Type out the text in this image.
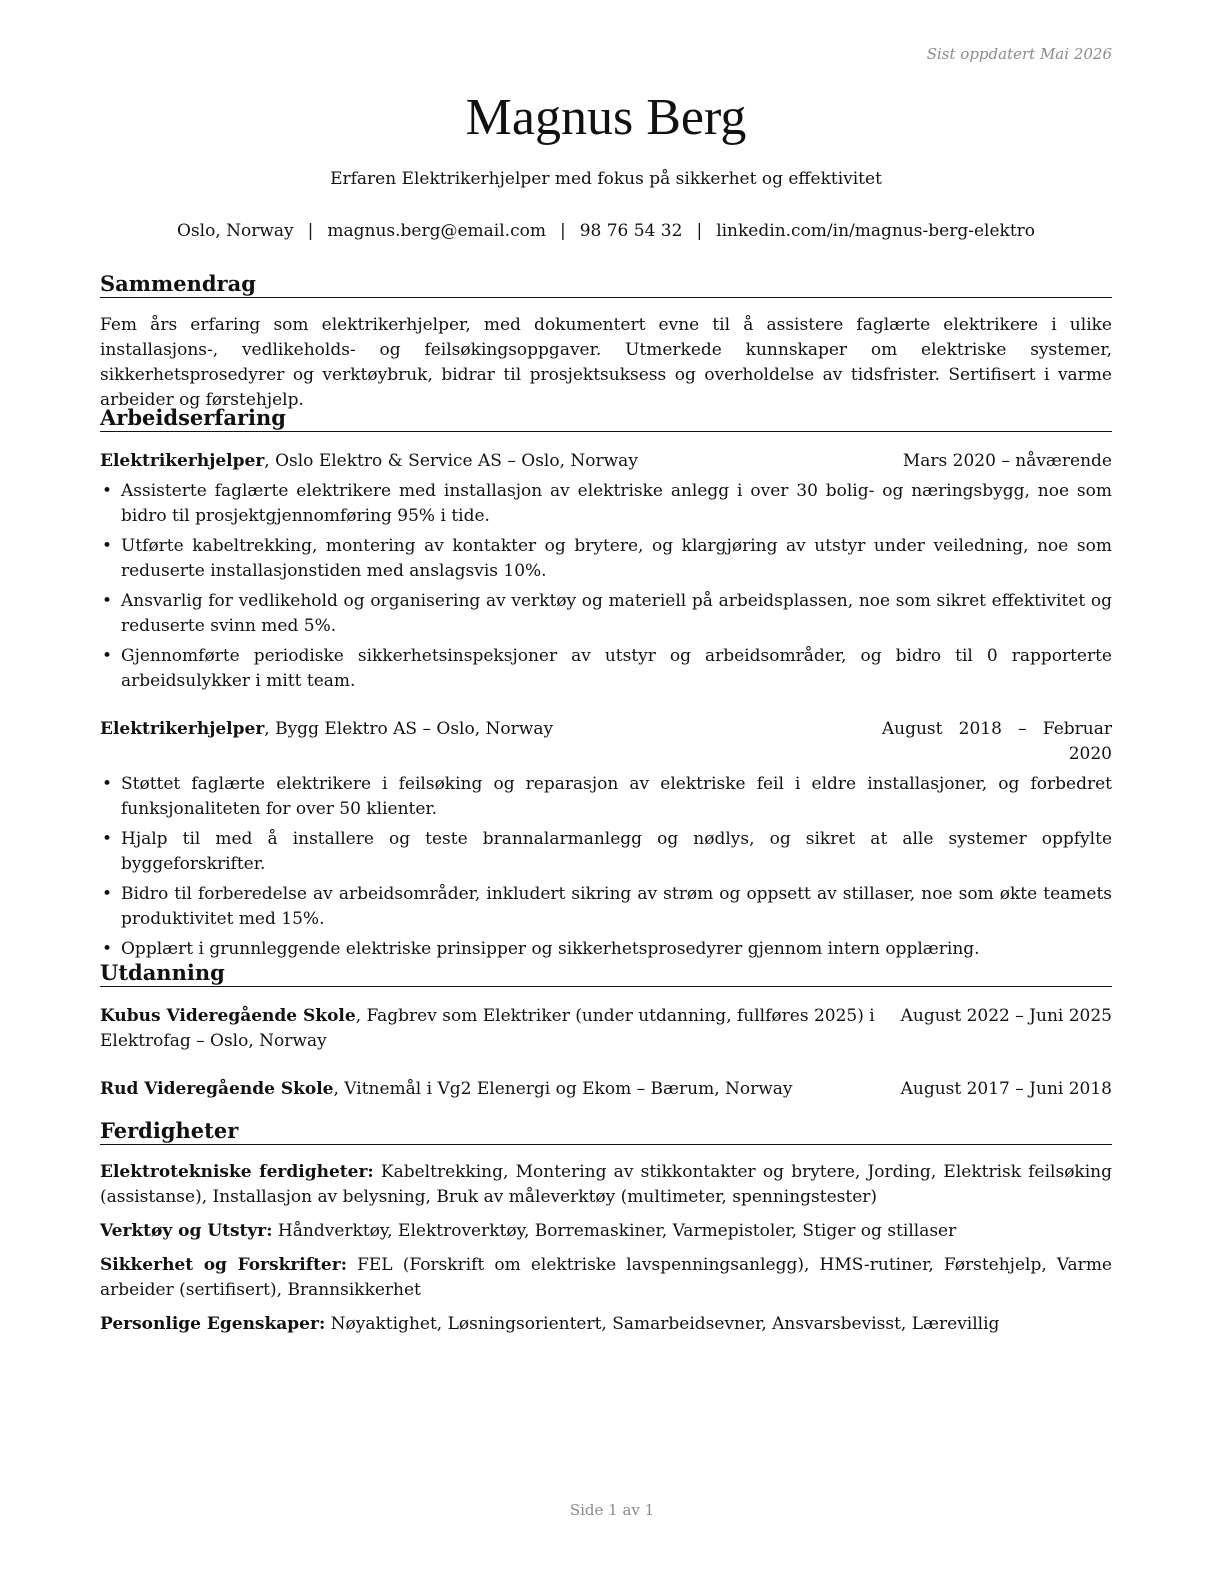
Sist oppdatert Mai 2026
Magnus Berg
Erfaren Elektrikerhjelper med fokus på sikkerhet og effektivitet
Oslo, Norway | magnus.berg@email.com | 98 76 54 32 | linkedin.com/in/magnus-berg-elektro
Sammendrag

Fem års erfaring som elektrikerhjelper, med dokumentert evne til å assistere faglærte elektrikere i ulike installasjons-, vedlikeholds- og feilsøkingsoppgaver. Utmerkede kunnskaper om elektriske systemer, sikkerhetsprosedyrer og verktøybruk, bidrar til prosjektsuksess og overholdelse av tidsfrister. Sertifisert i varme arbeider og førstehjelp.

Arbeidserfaring
Elektrikerhjelper, Oslo Elektro & Service AS – Oslo, Norway	Mars 2020 – nåværende
• Assisterte faglærte elektrikere med installasjon av elektriske anlegg i over 30 bolig- og næringsbygg, noe som bidro til prosjektgjennomføring 95% i tide.
• Utførte kabeltrekking, montering av kontakter og brytere, og klargjøring av utstyr under veiledning, noe som reduserte installasjonstiden med anslagsvis 10%.
• Ansvarlig for vedlikehold og organisering av verktøy og materiell på arbeidsplassen, noe som sikret effektivitet og reduserte svinn med 5%.
• Gjennomførte periodiske sikkerhetsinspeksjoner av utstyr og arbeidsområder, og bidro til 0 rapporterte arbeidsulykker i mitt team.
Elektrikerhjelper, Bygg Elektro AS – Oslo, Norway	August   2018   –   Februar
2020
• Støttet faglærte elektrikere i feilsøking og reparasjon av elektriske feil i eldre installasjoner, og forbedret funksjonaliteten for over 50 klienter.
• Hjalp til med å installere og teste brannalarmanlegg og nødlys, og sikret at alle systemer oppfylte byggeforskrifter.
• Bidro til forberedelse av arbeidsområder, inkludert sikring av strøm og oppsett av stillaser, noe som økte teamets produktivitet med 15%.
• Opplært i grunnleggende elektriske prinsipper og sikkerhetsprosedyrer gjennom intern opplæring.
Utdanning
Kubus Videregående Skole, Fagbrev som Elektriker (under utdanning, fullføres 2025) i
Elektrofag – Oslo, Norway
August 2022 – Juni 2025
Rud Videregående Skole, Vitnemål i Vg2 Elenergi og Ekom – Bærum, Norway	August 2017 – Juni 2018
Ferdigheter

Elektrotekniske ferdigheter: Kabeltrekking, Montering av stikkontakter og brytere, Jording, Elektrisk feilsøking (assistanse), Installasjon av belysning, Bruk av måleverktøy (multimeter, spenningstester)

Verktøy og Utstyr: Håndverktøy, Elektroverktøy, Borremaskiner, Varmepistoler, Stiger og stillaser

Sikkerhet og Forskrifter: FEL (Forskrift om elektriske lavspenningsanlegg), HMS-rutiner, Førstehjelp, Varme arbeider (sertifisert), Brannsikkerhet

Personlige Egenskaper: Nøyaktighet, Løsningsorientert, Samarbeidsevner, Ansvarsbevisst, Lærevillig

Side 1 av 1
